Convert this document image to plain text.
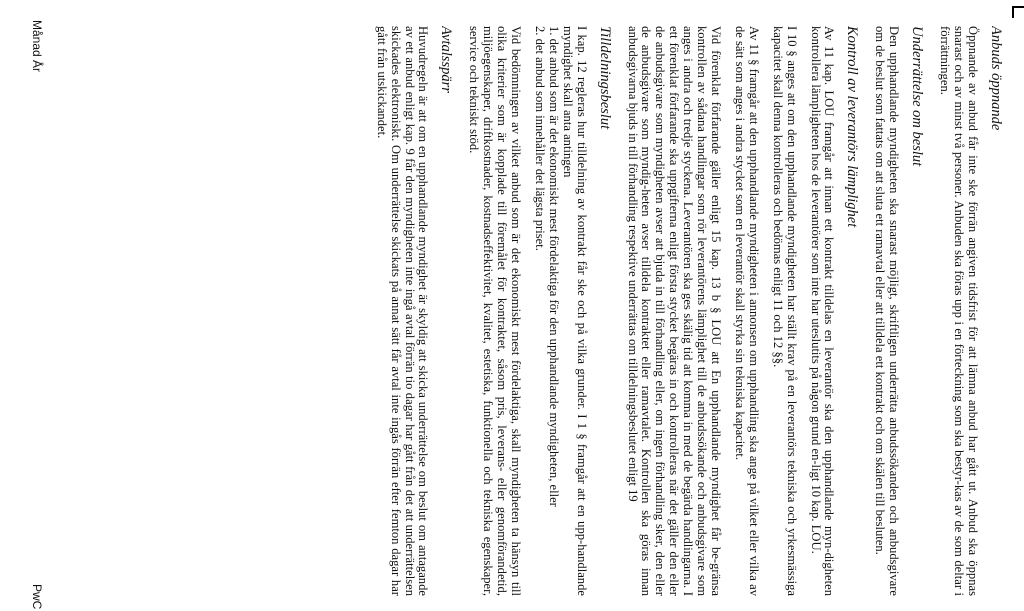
Månad År
PwC
Anbuds öppnande

Öppnande av anbud får inte ske förrän angiven tidsfrist för att lämna anbud har gått ut. Anbud ska öppnas snarast och av minst två personer. Anbuden ska föras upp i en förteckning som ska bestyr-kas av de som deltar i förrättningen.

Underrättelse om beslut

Den upphandlande myndigheten ska snarast möjligt, skriftligen underrätta anbudssökanden och anbudsgivare om de beslut som fattats om att sluta ett ramavtal eller att tilldela ett kontrakt och om skälen till besluten.

Kontroll av leverantörs lämplighet

Av 11 kap. LOU framgår att innan ett kontrakt tilldelas en leverantör ska den upphandlande myn-digheten kontrollera lämpligheten hos de leverantörer som inte har uteslutits på någon grund en-ligt 10 kap. LOU.

I 10 § anges att om den upphandlande myndigheten har ställt krav på en leverantörs tekniska och yrkesmässiga kapacitet skall denna kontrolleras och bedömas enligt 11 och 12 §§.

Av 11 § framgår att den upphandlande myndigheten i annonsen om upphandling ska ange på vilket eller vilka av de sätt som anges i andra stycket som en leverantör skall styrka sin tekniska kapacitet.

Vid förenklat förfarande gäller enligt 15 kap. 13 b § LOU att En upphandlande myndighet får be-gränsa kontrollen av sådana handlingar som rör leverantörens lämplighet till de anbudssökande och anbudsgivare som anges i andra och tredje styckena. Leverantören ska ges skälig tid att komma in med de begärda handlingarna. I ett förenklat förfarande ska uppgifterna enligt första stycket begäras in och kontrolleras när det gäller den eller de anbudsgivare som myndigheten avser att bjuda in till förhandling eller, om ingen förhandling sker, den eller de anbudsgivare som myndig-heten avser tilldela kontraktet eller ramavtalet. Kontrollen ska göras innan anbudsgivarna bjuds in till förhandling respektive underrättas om tilldelningsbeslutet enligt 19

Tilldelningsbeslut

I kap. 12 regleras hur tilldelning av kontrakt får ske och på vilka grunder. I 1 § framgår att en upp-handlande myndighet skall anta antingen

1. det anbud som är det ekonomiskt mest fördelaktiga för den upphandlande myndigheten, eller
2. det anbud som innehåller det lägsta priset.

Vid bedömningen av vilket anbud som är det ekonomiskt mest fördelaktiga, skall myndigheten ta hänsyn till olika kriterier som är kopplade till föremålet för kontraktet, såsom pris, leverans- eller genomförandetid, miljöegenskaper, driftkostnader, kostnadseffektivitet, kvalitet, estetiska, funktionella och tekniska egenskaper, service och tekniskt stöd.

Avtalsspärr

Huvudregeln är att om en upphandlande myndighet är skyldig att skicka underrättelse om beslut om antagande av ett anbud enligt kap. 9 får den myndigheten inte ingå avtal förrän tio dagar har gått från det att underrättelsen skickades elektroniskt. Om underrättelse skickats på annat sätt får avtal inte ingås förrän efter femton dagar har gått från utskickandet.
